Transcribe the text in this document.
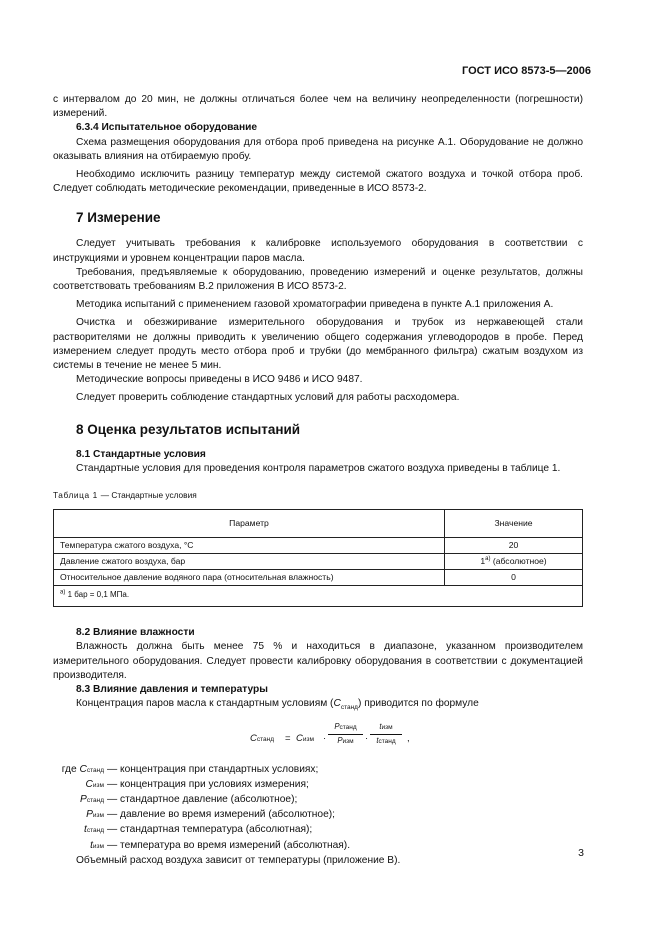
ГОСТ ИСО 8573-5—2006

с интервалом до 20 мин, не должны отличаться более чем на величину неопределенности (погрешности) измерений.

6.3.4 Испытательное оборудование

Схема размещения оборудования для отбора проб приведена на рисунке А.1. Оборудование не должно оказывать влияния на отбираемую пробу.

Необходимо исключить разницу температур между системой сжатого воздуха и точкой отбора проб. Следует соблюдать методические рекомендации, приведенные в ИСО 8573-2.

7 Измерение

Следует учитывать требования к калибровке используемого оборудования в соответствии с инструкциями и уровнем концентрации паров масла.

Требования, предъявляемые к оборудованию, проведению измерений и оценке результатов, должны соответствовать требованиям В.2 приложения В ИСО 8573-2.

Методика испытаний с применением газовой хроматографии приведена в пункте А.1 приложения А.

Очистка и обезжиривание измерительного оборудования и трубок из нержавеющей стали растворителями не должны приводить к увеличению общего содержания углеводородов в пробе. Перед измерением следует продуть место отбора проб и трубки (до мембранного фильтра) сжатым воздухом из системы в течение не менее 5 мин.

Методические вопросы приведены в ИСО 9486 и ИСО 9487.

Следует проверить соблюдение стандартных условий для работы расходомера.

8 Оценка результатов испытаний
8.1 Стандартные условия

Стандартные условия для проведения контроля параметров сжатого воздуха приведены в таблице 1.

Таблица 1 — Стандартные условия
Параметр	Значение
Температура сжатого воздуха, °С	20
Давление сжатого воздуха, бар	$1^{а)}$ (абсолютное)
Относительное давление водяного пара (относительная влажность)	0
$^{а)}$ 1 бар = 0,1 МПа.	
8.2 Влияние влажности

Влажность должна быть менее 75 % и находиться в диапазоне, указанном производителем измерительного оборудования. Следует провести калибровку оборудования в соответствии с документацией производителя.

8.3 Влияние давления и температуры

Концентрация паров масла к стандартным условиям $(C_{станд})$ приводится по формуле

Cстанд = Cизм ·
Pстанд
Pизм	·
tизм
tстанд	,
где Cстанд — концентрация при стандартных условиях;
Cизм — концентрация при условиях измерения;
Pстанд — стандартное давление (абсолютное);
Pизм — давление во время измерений (абсолютное);
tстанд — стандартная температура (абсолютная);
tизм — температура во время измерений (абсолютная).

Объемный расход воздуха зависит от температуры (приложение В).

3
